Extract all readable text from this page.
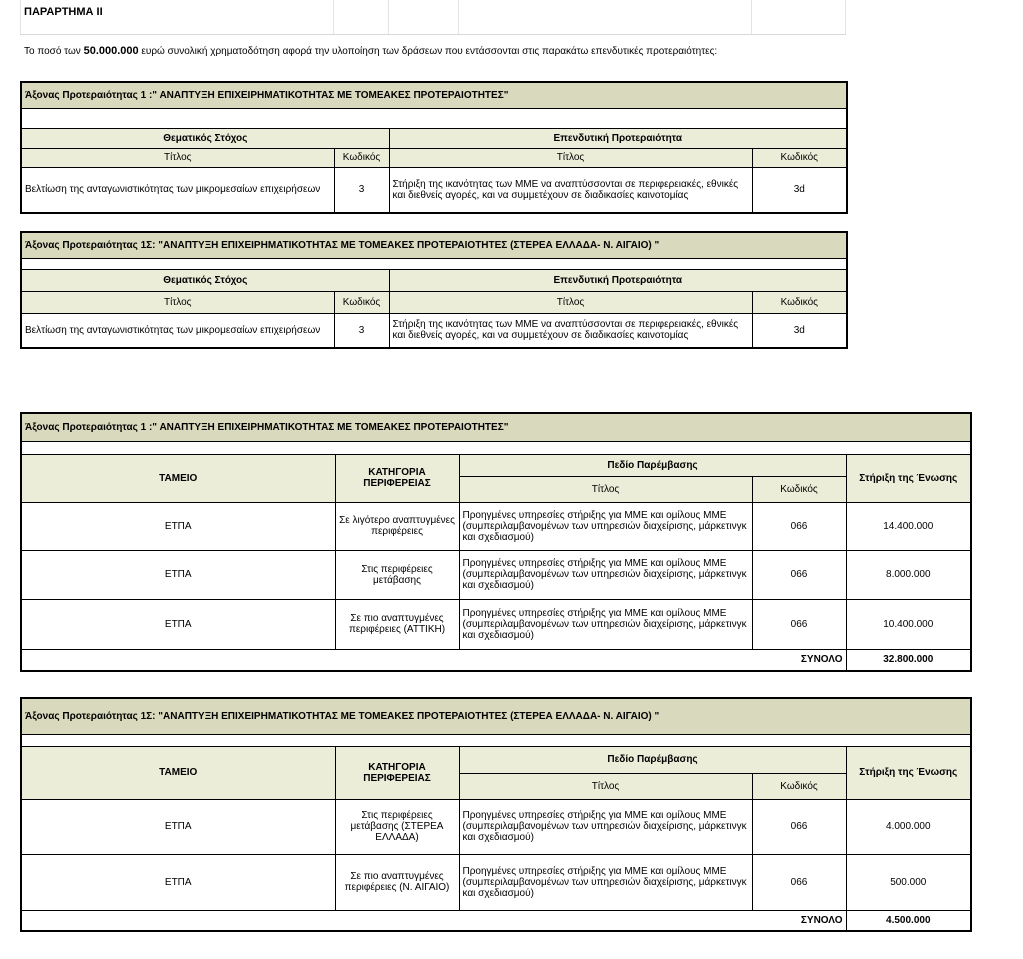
ΠΑΡΑΡΤΗΜΑ ΙΙ
Το ποσό των 50.000.000 ευρώ συνολική χρηματοδότηση αφορά την υλοποίηση των δράσεων που εντάσσονται στις παρακάτω επενδυτικές προτεραιότητες:
Άξονας Προτεραιότητας 1 :" ΑΝΑΠΤΥΞΗ ΕΠΙΧΕΙΡΗΜΑΤΙΚΟΤΗΤΑΣ ΜΕ ΤΟΜΕΑΚΕΣ ΠΡΟΤΕΡΑΙΟΤΗΤΕΣ"			

Θεματικός Στόχος		Επενδυτική Προτεραιότητα	
Τίτλος	Κωδικός	Τίτλος	Κωδικός
Βελτίωση της ανταγωνιστικότητας των μικρομεσαίων επιχειρήσεων	3	Στήριξη της ικανότητας των ΜΜΕ να αναπτύσσονται σε περιφερειακές, εθνικές και διεθνείς αγορές, και να συμμετέχουν σε διαδικασίες καινοτομίας	3d
Άξονας Προτεραιότητας 1Σ: "ΑΝΑΠΤΥΞΗ ΕΠΙΧΕΙΡΗΜΑΤΙΚΟΤΗΤΑΣ ΜΕ ΤΟΜΕΑΚΕΣ ΠΡΟΤΕΡΑΙΟΤΗΤΕΣ (ΣΤΕΡΕΑ ΕΛΛΑΔΑ- Ν. ΑΙΓΑΙΟ) "			

Θεματικός Στόχος		Επενδυτική Προτεραιότητα	
Τίτλος	Κωδικός	Τίτλος	Κωδικός
Βελτίωση της ανταγωνιστικότητας των μικρομεσαίων επιχειρήσεων	3	Στήριξη της ικανότητας των ΜΜΕ να αναπτύσσονται σε περιφερειακές, εθνικές και διεθνείς αγορές, και να συμμετέχουν σε διαδικασίες καινοτομίας	3d
Άξονας Προτεραιότητας 1 :" ΑΝΑΠΤΥΞΗ ΕΠΙΧΕΙΡΗΜΑΤΙΚΟΤΗΤΑΣ ΜΕ ΤΟΜΕΑΚΕΣ ΠΡΟΤΕΡΑΙΟΤΗΤΕΣ"				

ΤΑΜΕΙΟ	ΚΑΤΗΓΟΡΙΑ ΠΕΡΙΦΕΡΕΙΑΣ	Πεδίο Παρέμβασης		Στήριξη της Ένωσης
		Τίτλος	Κωδικός	
ΕΤΠΑ	Σε λιγότερο αναπτυγμένες περιφέρειες	Προηγμένες υπηρεσίες στήριξης για ΜΜΕ και ομίλους ΜΜΕ (συμπεριλαμβανομένων των υπηρεσιών διαχείρισης, μάρκετινγκ και σχεδιασμού)	066	14.400.000
ΕΤΠΑ	Στις περιφέρειες μετάβασης	Προηγμένες υπηρεσίες στήριξης για ΜΜΕ και ομίλους ΜΜΕ (συμπεριλαμβανομένων των υπηρεσιών διαχείρισης, μάρκετινγκ και σχεδιασμού)	066	8.000.000
ΕΤΠΑ	Σε πιο αναπτυγμένες περιφέρειες (ΑΤΤΙΚΗ)	Προηγμένες υπηρεσίες στήριξης για ΜΜΕ και ομίλους ΜΜΕ (συμπεριλαμβανομένων των υπηρεσιών διαχείρισης, μάρκετινγκ και σχεδιασμού)	066	10.400.000
ΣΥΝΟΛΟ				32.800.000
Άξονας Προτεραιότητας 1Σ: "ΑΝΑΠΤΥΞΗ ΕΠΙΧΕΙΡΗΜΑΤΙΚΟΤΗΤΑΣ ΜΕ ΤΟΜΕΑΚΕΣ ΠΡΟΤΕΡΑΙΟΤΗΤΕΣ (ΣΤΕΡΕΑ ΕΛΛΑΔΑ- Ν. ΑΙΓΑΙΟ) "				

ΤΑΜΕΙΟ	ΚΑΤΗΓΟΡΙΑ ΠΕΡΙΦΕΡΕΙΑΣ	Πεδίο Παρέμβασης		Στήριξη της Ένωσης
		Τίτλος	Κωδικός	
ΕΤΠΑ	Στις περιφέρειες μετάβασης (ΣΤΕΡΕΑ ΕΛΛΑΔΑ)	Προηγμένες υπηρεσίες στήριξης για ΜΜΕ και ομίλους ΜΜΕ (συμπεριλαμβανομένων των υπηρεσιών διαχείρισης, μάρκετινγκ και σχεδιασμού)	066	4.000.000
ΕΤΠΑ	Σε πιο αναπτυγμένες περιφέρειες (Ν. ΑΙΓΑΙΟ)	Προηγμένες υπηρεσίες στήριξης για ΜΜΕ και ομίλους ΜΜΕ (συμπεριλαμβανομένων των υπηρεσιών διαχείρισης, μάρκετινγκ και σχεδιασμού)	066	500.000
ΣΥΝΟΛΟ				4.500.000
